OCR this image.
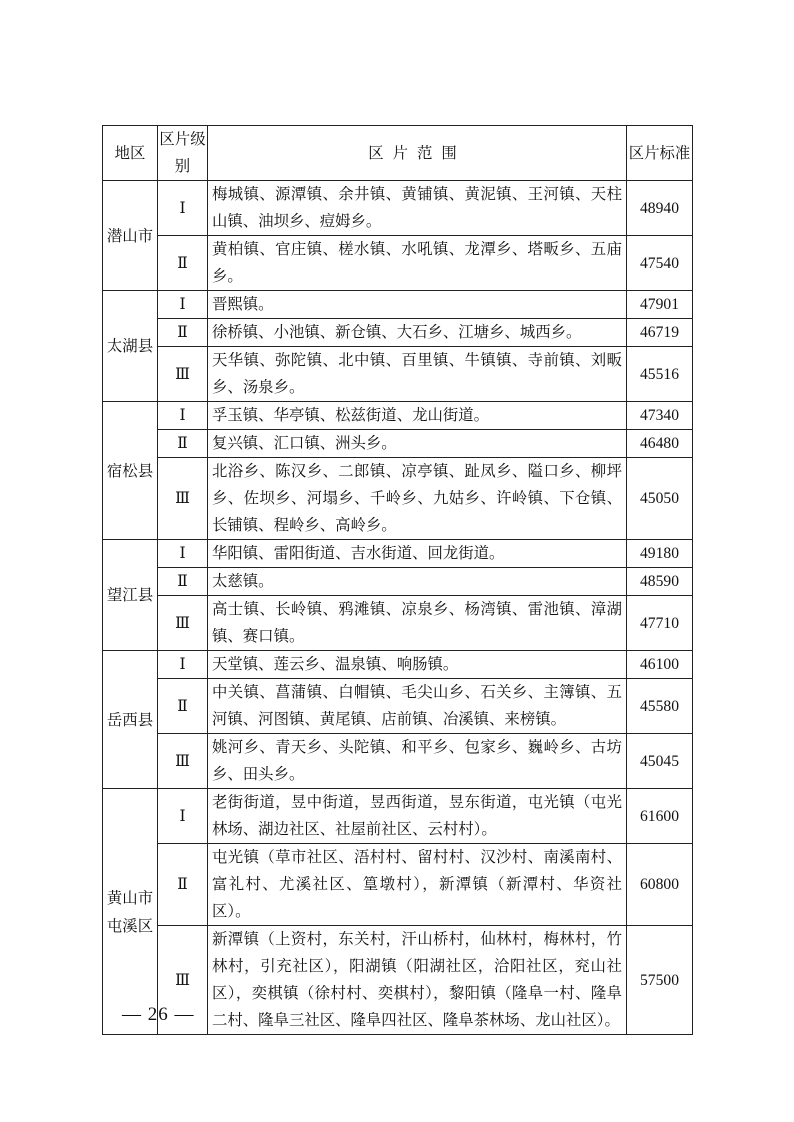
地区	区片级别	区片范围	区片标准
潜山市	Ⅰ	梅城镇、源潭镇、余井镇、黄铺镇、黄泥镇、王河镇、天柱山镇、油坝乡、痘姆乡。	48940
	Ⅱ	黄柏镇、官庄镇、槎水镇、水吼镇、龙潭乡、塔畈乡、五庙乡。	47540
太湖县	Ⅰ	晋熙镇。	47901
	Ⅱ	徐桥镇、小池镇、新仓镇、大石乡、江塘乡、城西乡。	46719
	Ⅲ	天华镇、弥陀镇、北中镇、百里镇、牛镇镇、寺前镇、刘畈乡、汤泉乡。	45516
宿松县	Ⅰ	孚玉镇、华亭镇、松兹街道、龙山街道。	47340
	Ⅱ	复兴镇、汇口镇、洲头乡。	46480
	Ⅲ	北浴乡、陈汉乡、二郎镇、凉亭镇、趾凤乡、隘口乡、柳坪乡、佐坝乡、河塌乡、千岭乡、九姑乡、许岭镇、下仓镇、长铺镇、程岭乡、高岭乡。	45050
望江县	Ⅰ	华阳镇、雷阳街道、吉水街道、回龙街道。	49180
	Ⅱ	太慈镇。	48590
	Ⅲ	高士镇、长岭镇、鸦滩镇、凉泉乡、杨湾镇、雷池镇、漳湖镇、赛口镇。	47710
岳西县	Ⅰ	天堂镇、莲云乡、温泉镇、响肠镇。	46100
	Ⅱ	中关镇、菖蒲镇、白帽镇、毛尖山乡、石关乡、主簿镇、五河镇、河图镇、黄尾镇、店前镇、冶溪镇、来榜镇。	45580
	Ⅲ	姚河乡、青天乡、头陀镇、和平乡、包家乡、巍岭乡、古坊乡、田头乡。	45045
黄山市屯溪区	Ⅰ	老街街道，昱中街道，昱西街道，昱东街道，屯光镇（屯光林场、湖边社区、社屋前社区、云村村）。	61600
	Ⅱ	屯光镇（草市社区、浯村村、留村村、汉沙村、南溪南村、富礼村、尤溪社区、篁墩村），新潭镇（新潭村、华资社区）。	60800
	Ⅲ	新潭镇（上资村，东关村，汗山桥村，仙林村，梅林村，竹林村，引充社区），阳湖镇（阳湖社区，洽阳社区，兖山社区），奕棋镇（徐村村、奕棋村），黎阳镇（隆阜一村、隆阜二村、隆阜三社区、隆阜四社区、隆阜茶林场、龙山社区）。	57500
— 26 —
